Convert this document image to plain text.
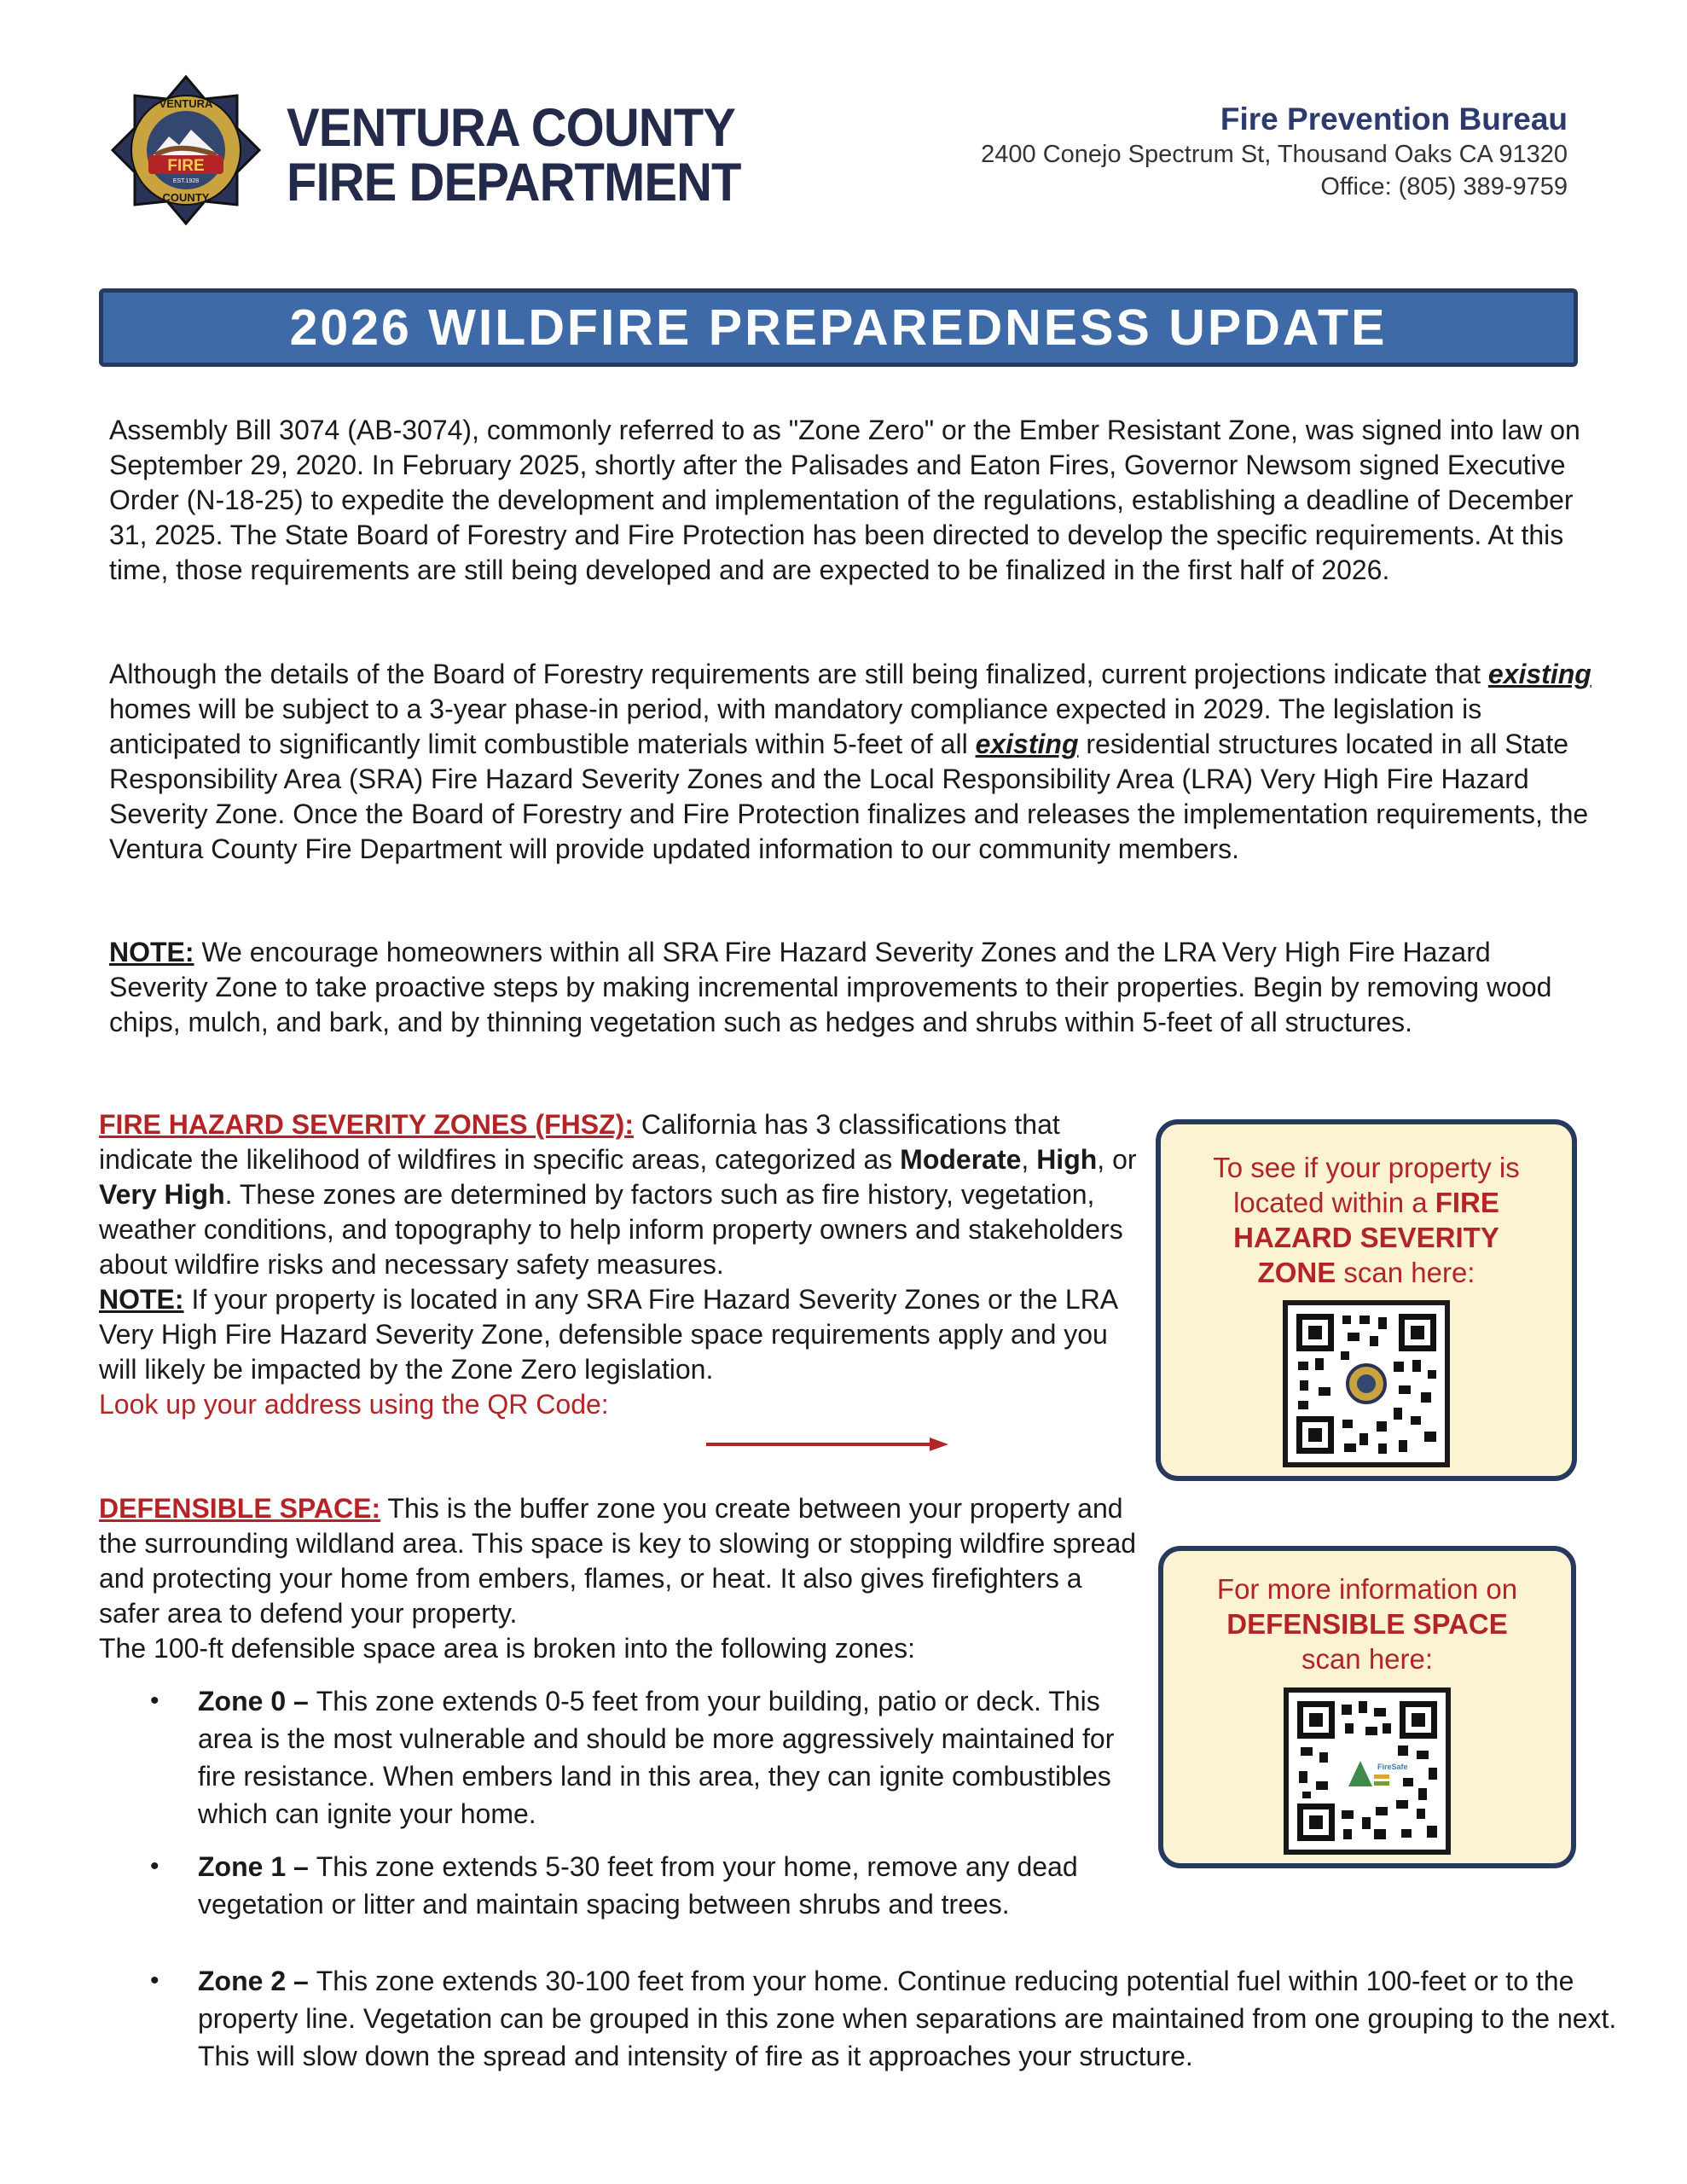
FIRE
VENTURA
COUNTY
EST.1928
VENTURA COUNTY
FIRE DEPARTMENT
Fire Prevention Bureau
2400 Conejo Spectrum St, Thousand Oaks CA 91320
Office: (805) 389-9759
2026 WILDFIRE PREPAREDNESS UPDATE
Assembly Bill 3074 (AB-3074), commonly referred to as "Zone Zero" or the Ember Resistant Zone, was signed into law on September 29, 2020. In February 2025, shortly after the Palisades and Eaton Fires, Governor Newsom signed Executive Order (N-18-25) to expedite the development and implementation of the regulations, establishing a deadline of December 31, 2025. The State Board of Forestry and Fire Protection has been directed to develop the specific requirements. At this time, those requirements are still being developed and are expected to be finalized in the first half of 2026.
Although the details of the Board of Forestry requirements are still being finalized, current projections indicate that existing homes will be subject to a 3-year phase-in period, with mandatory compliance expected in 2029. The legislation is anticipated to significantly limit combustible materials within 5-feet of all existing residential structures located in all State Responsibility Area (SRA) Fire Hazard Severity Zones and the Local Responsibility Area (LRA) Very High Fire Hazard Severity Zone. Once the Board of Forestry and Fire Protection finalizes and releases the implementation requirements, the Ventura County Fire Department will provide updated information to our community members.
NOTE: We encourage homeowners within all SRA Fire Hazard Severity Zones and the LRA Very High Fire Hazard Severity Zone to take proactive steps by making incremental improvements to their properties. Begin by removing wood chips, mulch, and bark, and by thinning vegetation such as hedges and shrubs within 5-feet of all structures.
FIRE HAZARD SEVERITY ZONES (FHSZ): California has 3 classifications that indicate the likelihood of wildfires in specific areas, categorized as Moderate, High, or Very High. These zones are determined by factors such as fire history, vegetation, weather conditions, and topography to help inform property owners and stakeholders about wildfire risks and necessary safety measures.
NOTE: If your property is located in any SRA Fire Hazard Severity Zones or the LRA Very High Fire Hazard Severity Zone, defensible space requirements apply and you will likely be impacted by the Zone Zero legislation.
Look up your address using the QR Code:
DEFENSIBLE SPACE: This is the buffer zone you create between your property and the surrounding wildland area. This space is key to slowing or stopping wildfire spread and protecting your home from embers, flames, or heat. It also gives firefighters a safer area to defend your property.
The 100-ft defensible space area is broken into the following zones:
• Zone 0 – This zone extends 0-5 feet from your building, patio or deck. This area is the most vulnerable and should be more aggressively maintained for fire resistance. When embers land in this area, they can ignite combustibles which can ignite your home.
• Zone 1 – This zone extends 5-30 feet from your home, remove any dead vegetation or litter and maintain spacing between shrubs and trees.
• Zone 2 – This zone extends 30-100 feet from your home. Continue reducing potential fuel within 100-feet or to the property line. Vegetation can be grouped in this zone when separations are maintained from one grouping to the next. This will slow down the spread and intensity of fire as it approaches your structure.
To see if your property is located within a FIRE HAZARD SEVERITY ZONE scan here:
For more information on
DEFENSIBLE SPACE
scan here:
FireSafe
